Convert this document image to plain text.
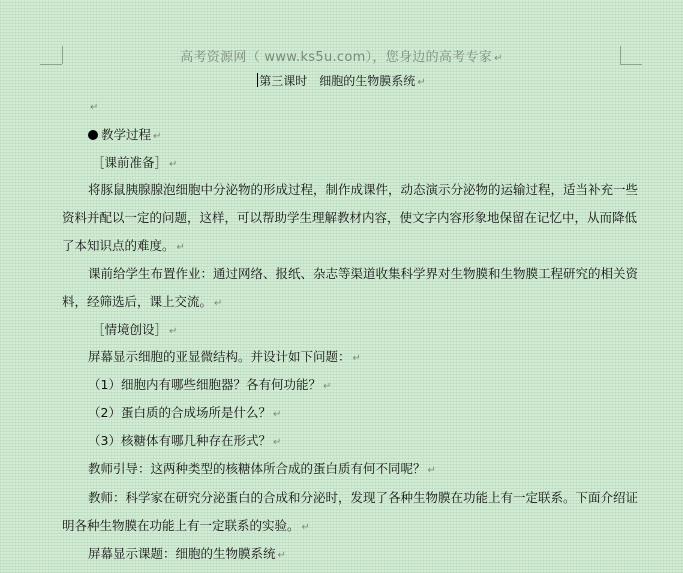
高考资源网（ www.ks5u.com），您身边的高考专家 ↵
第三课时　细胞的生物膜系统 ↵
↵
教学过程 ↵
［课前准备］ ↵
将豚鼠胰腺腺泡细胞中分泌物的形成过程，制作成课件，动态演示分泌物的运输过程，适当补充一些
资料并配以一定的问题，这样，可以帮助学生理解教材内容，使文字内容形象地保留在记忆中，从而降低
了本知识点的难度。 ↵
课前给学生布置作业：通过网络、报纸、杂志等渠道收集科学界对生物膜和生物膜工程研究的相关资
料，经筛选后，课上交流。 ↵
［情境创设］ ↵
屏幕显示细胞的亚显微结构。并设计如下问题： ↵
（1）细胞内有哪些细胞器？各有何功能？ ↵
（2）蛋白质的合成场所是什么？ ↵
（3）核糖体有哪几种存在形式？ ↵
教师引导：这两种类型的核糖体所合成的蛋白质有何不同呢？ ↵
教师：科学家在研究分泌蛋白的合成和分泌时，发现了各种生物膜在功能上有一定联系。下面介绍证
明各种生物膜在功能上有一定联系的实验。 ↵
屏幕显示课题：细胞的生物膜系统 ↵
